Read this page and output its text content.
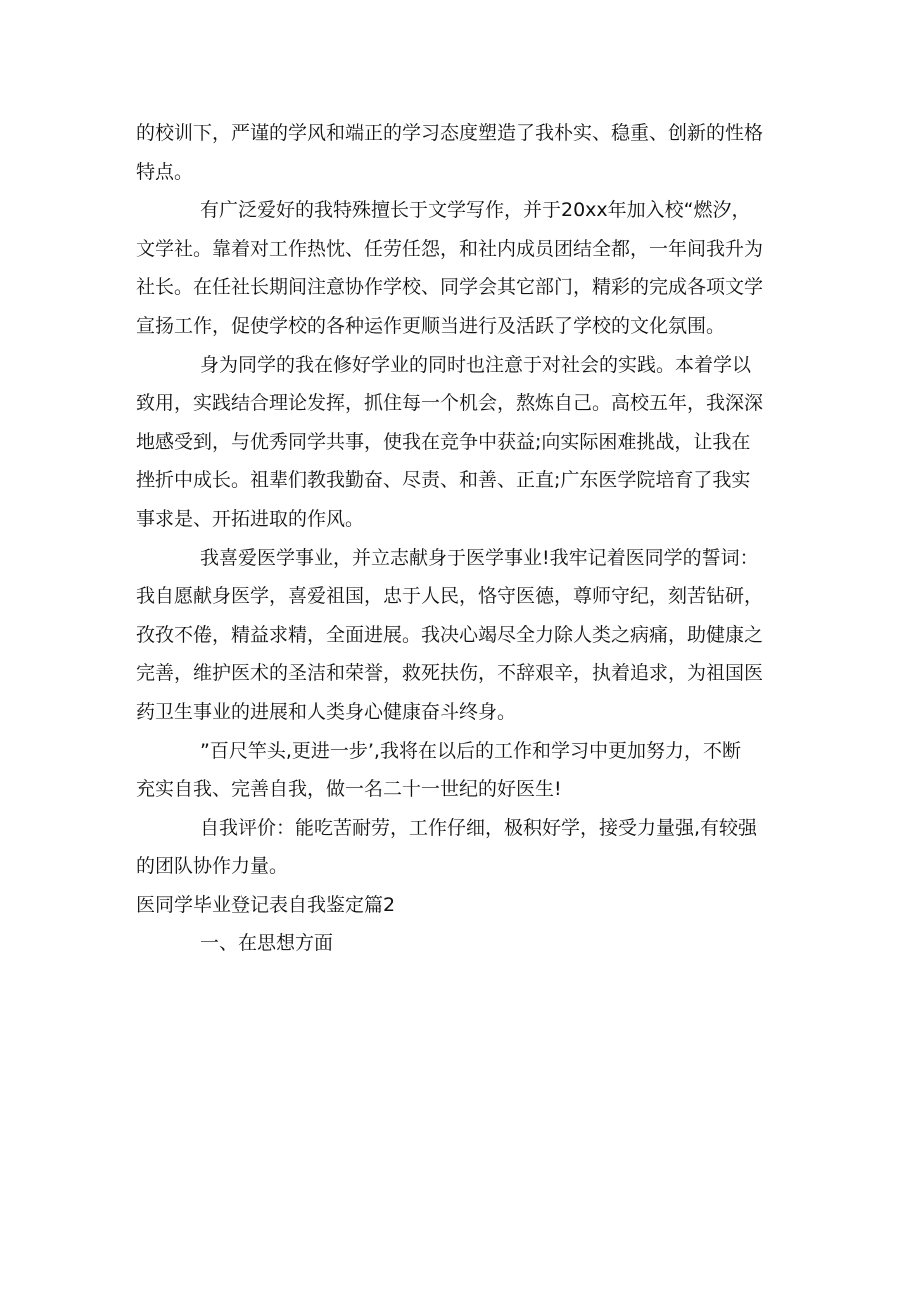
的校训下，严谨的学风和端正的学习态度塑造了我朴实、稳重、创新的性格
特点。
有广泛爱好的我特殊擅长于文学写作，并于20xx年加入校“燃汐，
文学社。靠着对工作热忱、任劳任怨，和社内成员团结全都，一年间我升为
社长。在任社长期间注意协作学校、同学会其它部门，精彩的完成各项文学
宣扬工作，促使学校的各种运作更顺当进行及活跃了学校的文化氛围。
身为同学的我在修好学业的同时也注意于对社会的实践。本着学以
致用，实践结合理论发挥，抓住每一个机会，熬炼自己。高校五年，我深深
地感受到，与优秀同学共事，使我在竞争中获益;向实际困难挑战，让我在
挫折中成长。祖辈们教我勤奋、尽责、和善、正直;广东医学院培育了我实
事求是、开拓进取的作风。
我喜爱医学事业，并立志献身于医学事业!我牢记着医同学的誓词：
我自愿献身医学，喜爱祖国，忠于人民，恪守医德，尊师守纪，刻苦钻研，
孜孜不倦，精益求精，全面进展。我决心竭尽全力除人类之病痛，助健康之
完善，维护医术的圣洁和荣誉，救死扶伤，不辞艰辛，执着追求，为祖国医
药卫生事业的进展和人类身心健康奋斗终身。
”百尺竿头,更进一步’,我将在以后的工作和学习中更加努力，不断
充实自我、完善自我，做一名二十一世纪的好医生!
自我评价：能吃苦耐劳，工作仔细，极积好学，接受力量强,有较强
的团队协作力量。
医同学毕业登记表自我鉴定篇2
一、在思想方面
